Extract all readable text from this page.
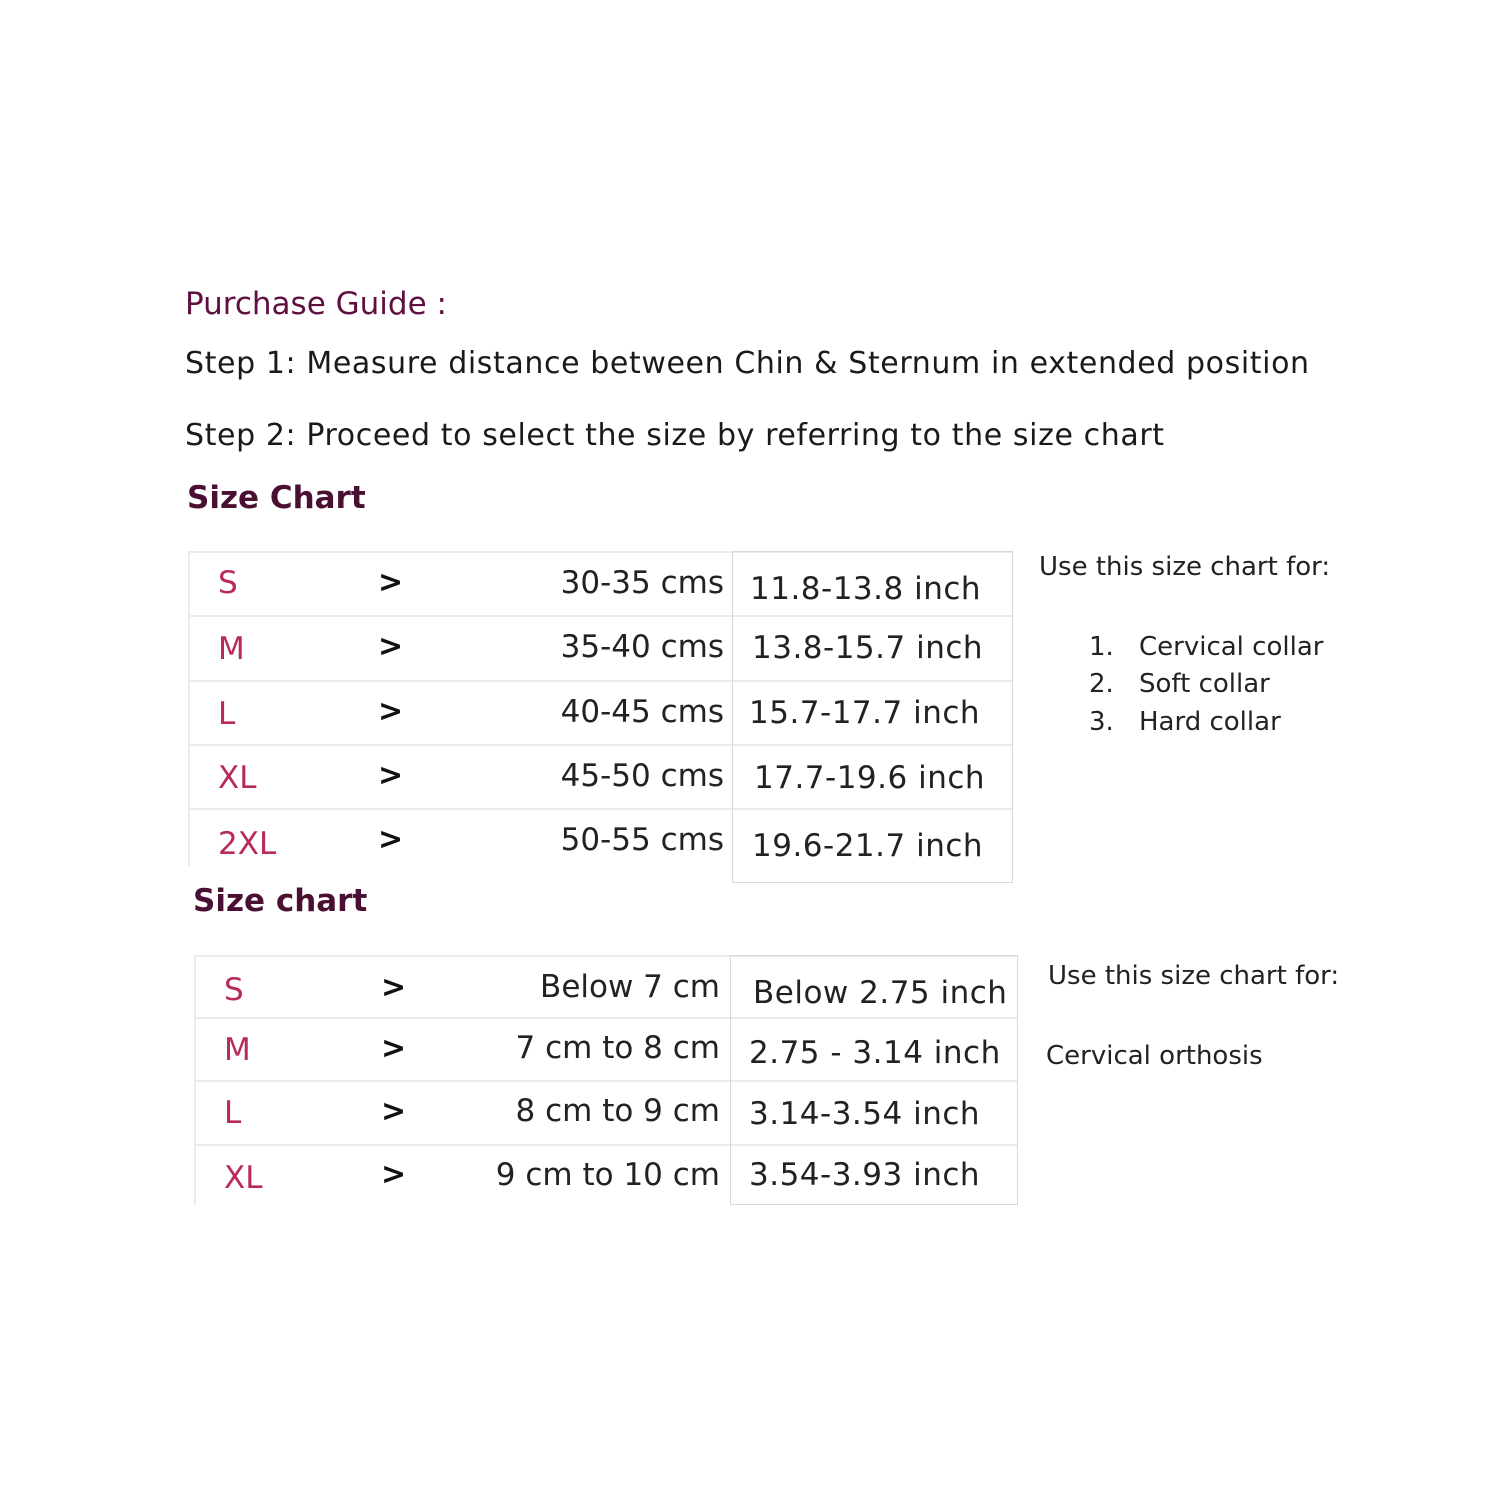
Purchase Guide :
Step 1: Measure distance between Chin & Sternum in extended position
Step 2: Proceed to select the size by referring to the size chart
Size Chart
S	>	30-35 cms 11.8-13.8 inch
M	>	35-40 cms 13.8-15.7 inch
L	>	40-45 cms 15.7-17.7 inch
XL	>	45-50 cms 17.7-19.6 inch
2XL	>	50-55 cms 19.6-21.7 inch
Use this size chart for:
1. Cervical collar
2. Soft collar
3. Hard collar
Size chart
S	>	Below 7 cm Below 2.75 inch
M	>	7 cm to 8 cm 2.75 - 3.14 inch
L	>	8 cm to 9 cm 3.14-3.54 inch
XL	>	9 cm to 10 cm 3.54-3.93 inch
Use this size chart for:
Cervical orthosis
